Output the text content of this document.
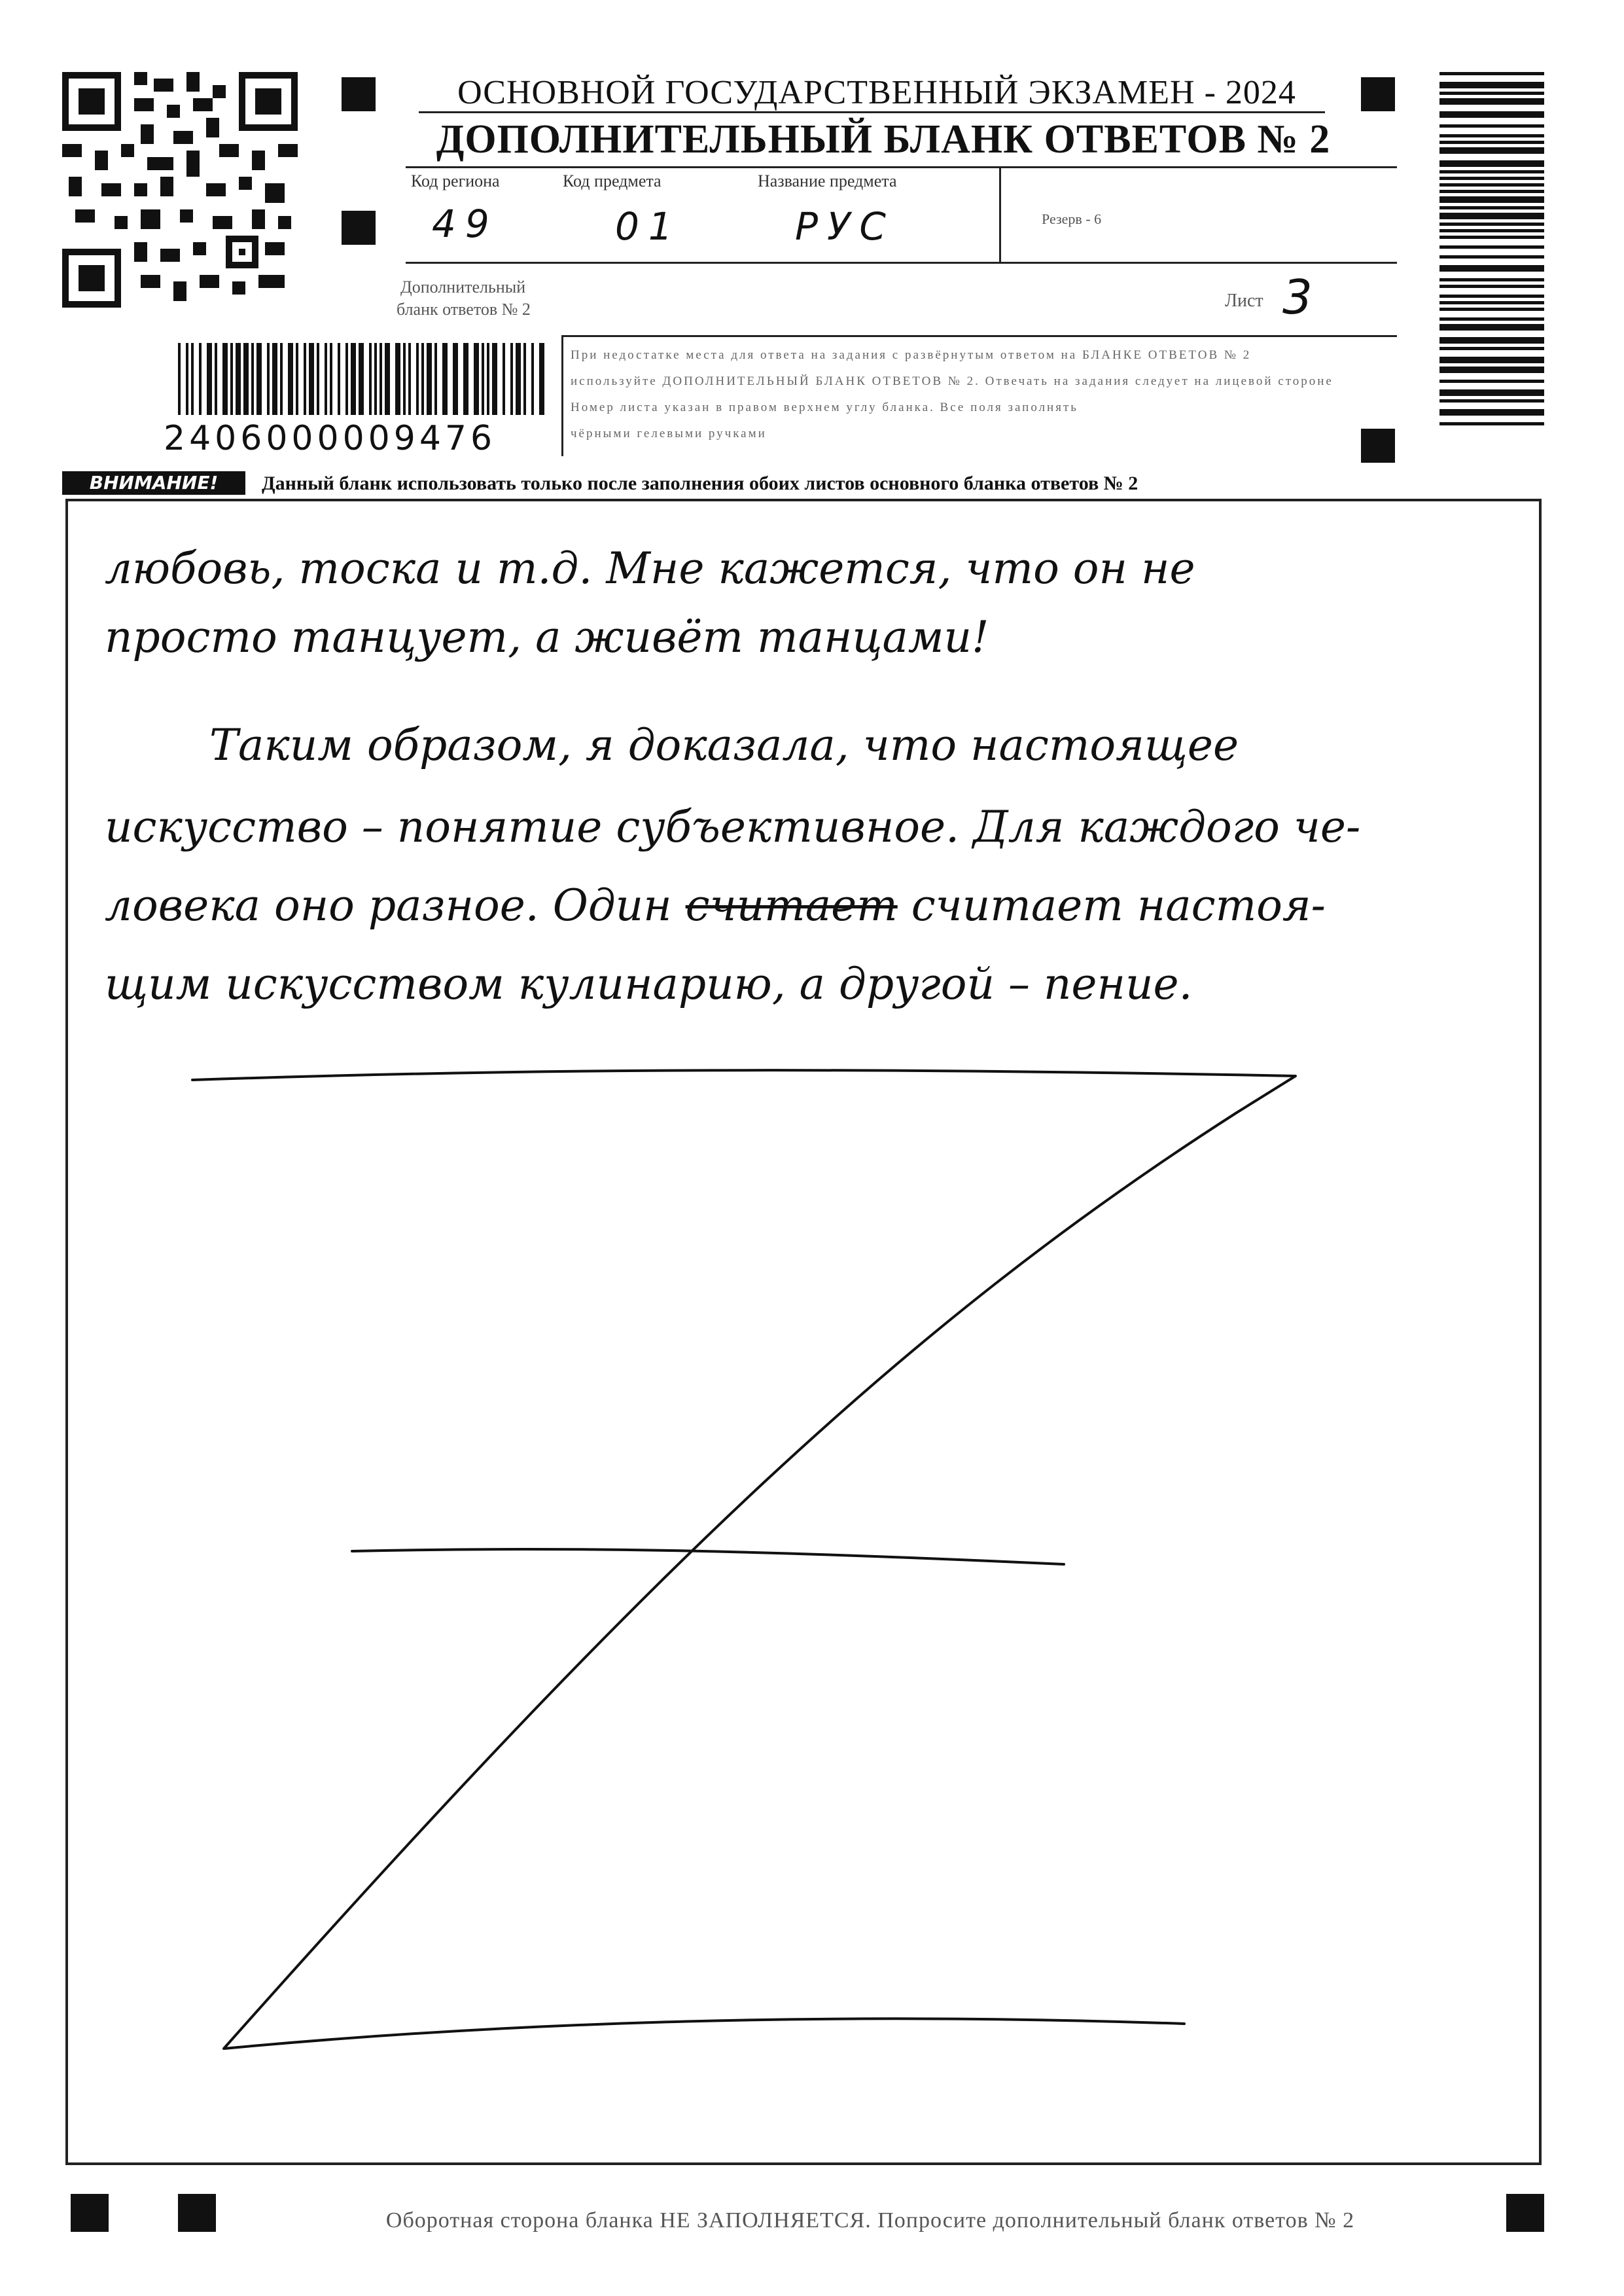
ОСНОВНОЙ ГОСУДАРСТВЕННЫЙ ЭКЗАМЕН - 2024
ДОПОЛНИТЕЛЬНЫЙ БЛАНК ОТВЕТОВ № 2
Код региона
49
Код предмета
01
Название предмета
РУС	Резерв - 6
Дополнительный
бланк ответов № 2	Лист 3
2406000009476
При недостатке места для ответа на задания с развёрнутым ответом на БЛАНКЕ ОТВЕТОВ № 2
используйте ДОПОЛНИТЕЛЬНЫЙ БЛАНК ОТВЕТОВ № 2. Отвечать на задания следует на лицевой стороне
Номер листа указан в правом верхнем углу бланка. Все поля заполнять
чёрными гелевыми ручками
ВНИМАНИЕ!	Данный бланк использовать только после заполнения обоих листов основного бланка ответов № 2
любовь, тоска и т.д. Мне кажется, что он не
просто танцует, а живёт танцами!
Таким образом, я доказала, что настоящее
искусство – понятие субъективное. Для каждого че-
ловека оно разное. Один считает считает настоя-
щим искусством кулинарию, а другой – пение.
Оборотная сторона бланка НЕ ЗАПОЛНЯЕТСЯ. Попросите дополнительный бланк ответов № 2
